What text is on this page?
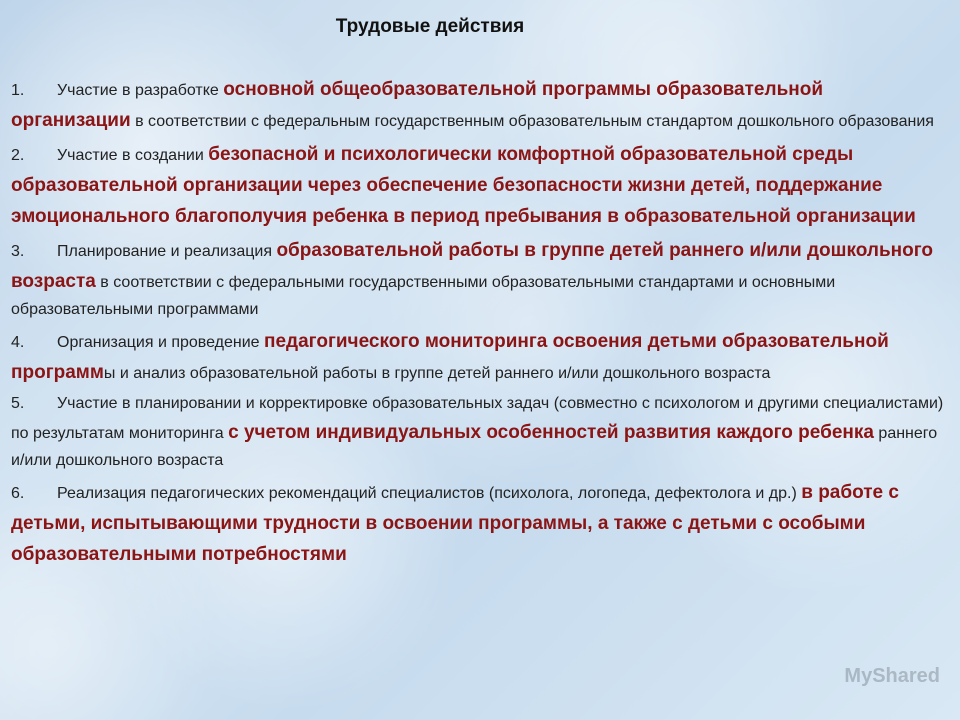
Трудовые действия
1. Участие в разработке основной общеобразовательной программы образовательной организации в соответствии с федеральным государственным образовательным стандартом дошкольного образования
2. Участие в создании безопасной и психологически комфортной образовательной среды образовательной организации через обеспечение безопасности жизни детей, поддержание эмоционального благополучия ребенка в период пребывания в образовательной организации
3. Планирование и реализация образовательной работы в группе детей раннего и/или дошкольного возраста в соответствии с федеральными государственными образовательными стандартами и основными образовательными программами
4. Организация и проведение педагогического мониторинга освоения детьми образовательной программы и анализ образовательной работы в группе детей раннего и/или дошкольного возраста
5. Участие в планировании и корректировке образовательных задач (совместно с психологом и другими специалистами) по результатам мониторинга с учетом индивидуальных особенностей развития каждого ребенка раннего и/или дошкольного возраста
6. Реализация педагогических рекомендаций специалистов (психолога, логопеда, дефектолога и др.) в работе с детьми, испытывающими трудности в освоении программы, а также с детьми с особыми образовательными потребностями
MyShared
